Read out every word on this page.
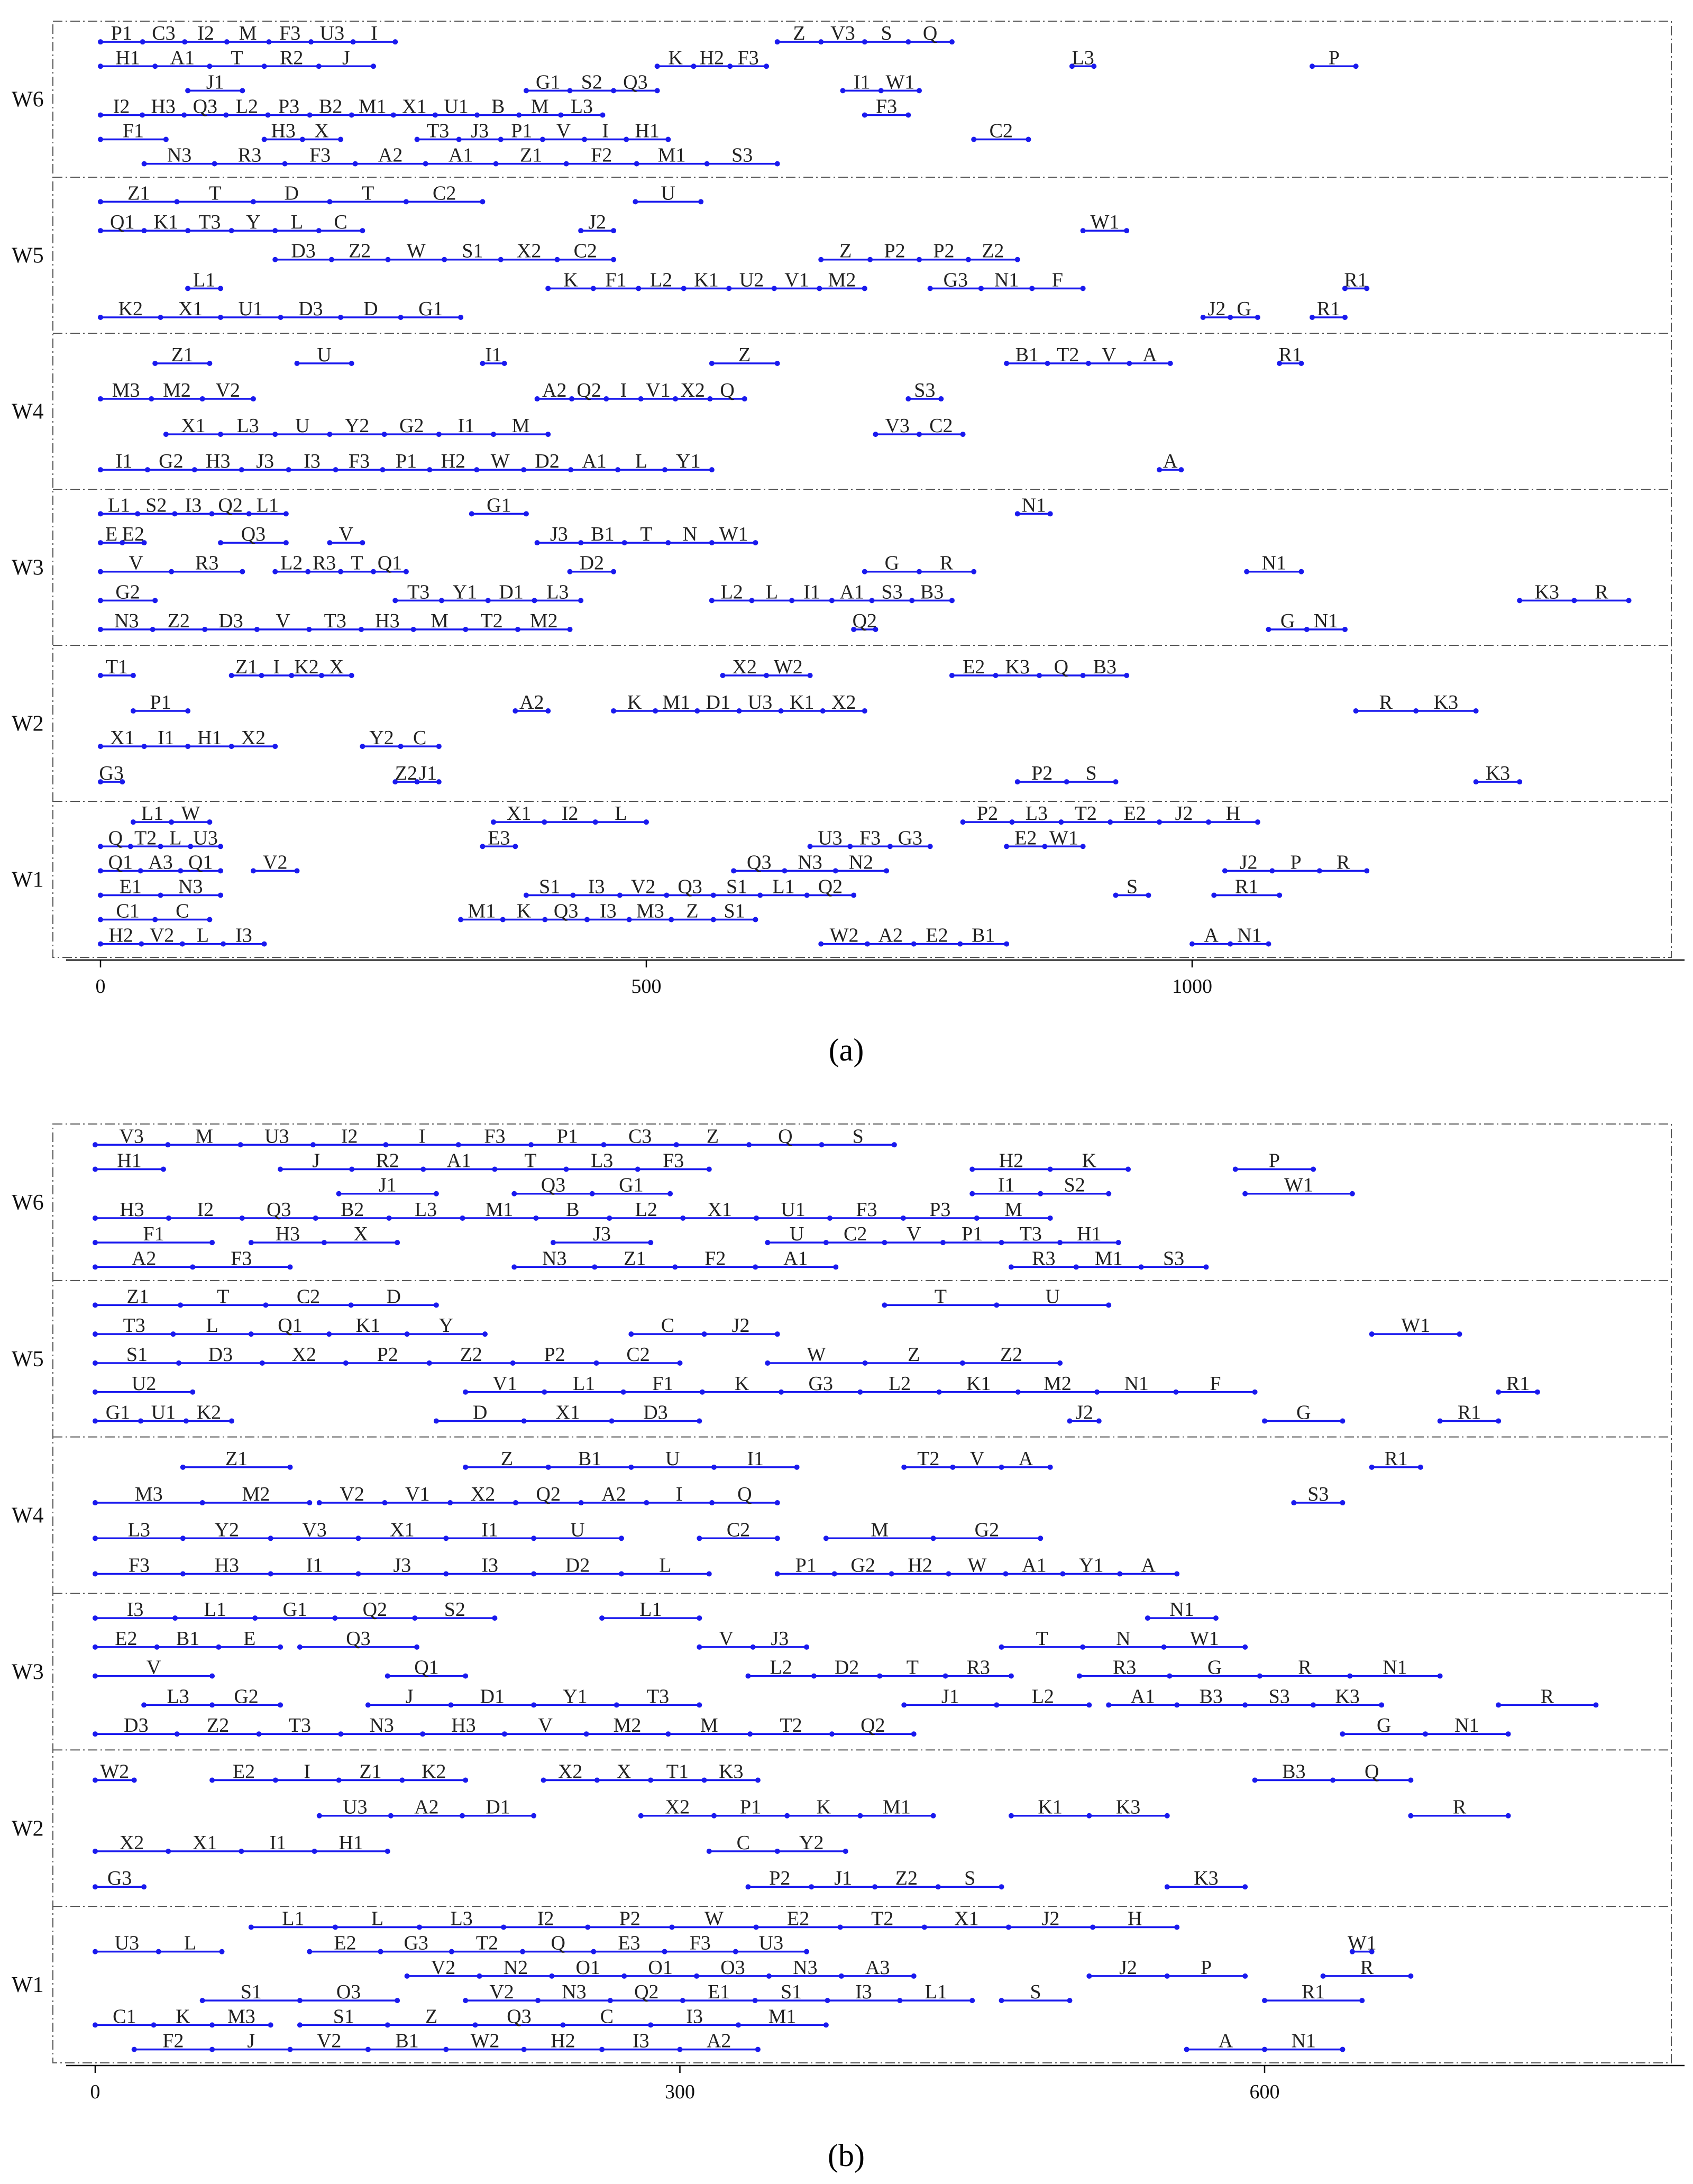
W6
P1 C3 I2 M F3 U3 I	Z V3 S Q
H1 A1 T R2 J	K H2 F3	L3	P
J1	G1 S2 Q3	I1 W1
I2 H3 Q3 L2 P3 B2 M1 X1 U1 B M L3	F3
F1	H3 X	T3 J3 P1 V I H1	C2
N3 R3 F3 A2 A1 Z1 F2 M1 S3
W5
Z1	T	D	T	C2	U
Q1 K1 T3 Y L C	J2	W1
D3 Z2 W S1 X2 C2	Z P2 P2 Z2
L1	K F1 L2 K1 U2 V1 M2	G3 N1 F	R1
K2 X1 U1 D3 D G1	J2 G	R1
W4
Z1	U	I1	Z	B1 T2 V A	R1
M3 M2 V2	A2 Q2 I V1 X2 Q	S3
X1 L3 U Y2 G2 I1 M	V3 C2
I1 G2 H3 J3 I3 F3 P1 H2 W D2 A1 L Y1	A
W3
L1 S2 I3 Q2 L1	G1	N1
E E2	Q3	V	J3 B1 T N W1
V	R3	L2 R3 T Q1	D2	G R	N1
G2	T3 Y1 D1 L3	L2 L I1 A1 S3 B3	K3 R
N3 Z2 D3 V T3 H3 M T2 M2	Q2	G N1
W2
T1	Z1 I K2 X	X2 W2	E2 K3 Q B3
P1	A2	K M1 D1 U3 K1 X2	R K3
X1 I1 H1 X2	Y2 C
G3	Z2 J1	P2 S	K3
W1
L1 W	X1 I2 L	P2 L3 T2 E2 J2 H
Q T2 L U3	E3	U3 F3 G3	E2 W1
Q1 A3 Q1 V2	Q3 N3 N2	J2 P R
E1 N3	S1 I3 V2 Q3 S1 L1 Q2	S	R1
C1 C	M1 K Q3 I3 M3 Z S1
H2 V2 L I3	W2 A2 E2 B1	A N1
0	500	1000
(a)
W6
V3	M	U3	I2	I	F3	P1	C3	Z	Q	S
H1	J	R2 A1	T	L3 F3	H2	K	P
J1	Q3	G1	I1 S2	W1
H3	I2	Q3 B2	L3 M1	B	L2 X1 U1	F3	P3	M
F1	H3	X	J3	U C2 V P1 T3 H1
A2	F3	N3	Z1	F2	A1	R3 M1 S3
W5
Z1	T	C2	D	T	U
T3	L	Q1	K1	Y	C	J2	W1
S1	D3	X2	P2	Z2	P2	C2	W	Z	Z2
U2	V1	L1	F1	K	G3	L2	K1	M2	N1	F	R1
G1 U1 K2	D	X1	D3	J2	G	R1
W4
Z1	Z	B1	U	I1	T2 V A	R1
M3	M2	V2 V1 X2 Q2 A2 I	Q	S3
L3	Y2	V3	X1	I1	U	C2	M	G2
F3	H3	I1	J3	I3	D2	L	P1 G2 H2 W A1 Y1 A
W3
I3	L1	G1	Q2	S2	L1	N1
E2 B1 E	Q3	V J3	T	N	W1
V	Q1	L2 D2 T R3	R3	G	R	N1
L3 G2	J	D1	Y1	T3	J1	L2	A1 B3 S3 K3	R
D3	Z2	T3	N3	H3	V	M2	M	T2	Q2	G	N1
W2
W2	E2 I Z1 K2	X2 X T1 K3	B3	Q
U3 A2 D1	X2 P1	K	M1	K1	K3	R
X2 X1	I1	H1	C Y2
G3	P2 J1 Z2 S	K3
W1
L1	L	L3	I2	P2	W	E2	T2	X1	J2	H
U3 L	E2 G3 T2	Q	E3 F3 U3	W1
V2 N2 O1 O1 O3 N3 A3	J2	P	R
S1	O3	V2 N3 Q2 E1	S1	I3	L1	S	R1
C1 K M3	S1	Z	Q3	C	I3	M1
F2	J	V2	B1	W2	H2	I3	A2	A	N1
0	300	600
(b)
